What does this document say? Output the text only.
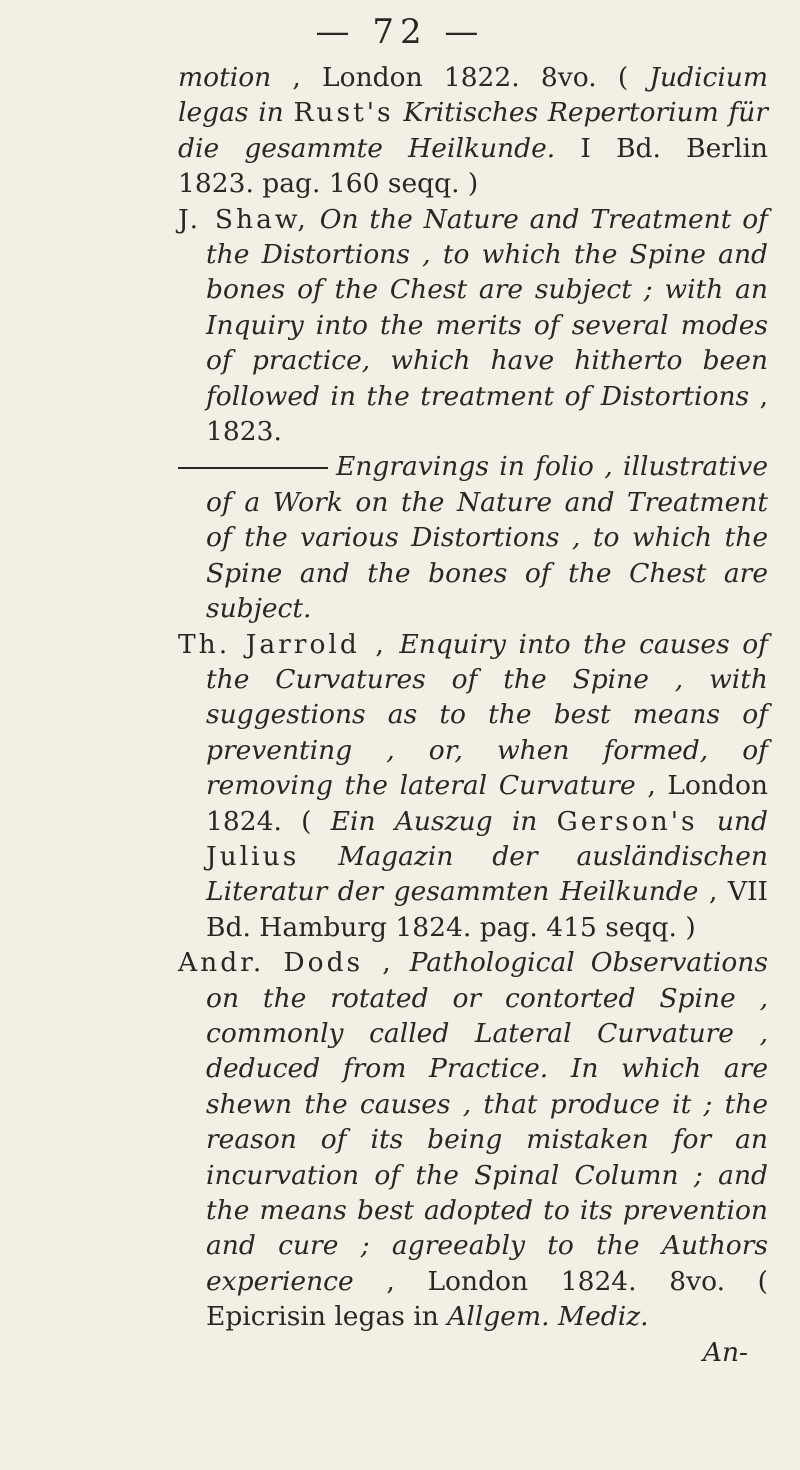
— 72 —

motion , London 1822. 8vo. ( Judicium legas in Rust's Kritisches Repertorium für die gesammte Heilkunde. I Bd. Berlin 1823. pag. 160 seqq. )

J. Shaw, On the Nature and Treatment of the Distortions , to which the Spine and bones of the Chest are subject ; with an Inquiry into the merits of several modes of practice, which have hitherto been followed in the treatment of Distortions , 1823.

Engravings in folio , illustrative of a Work on the Nature and Treatment of the various Distortions , to which the Spine and the bones of the Chest are subject.

Th. Jarrold , Enquiry into the causes of the Curvatures of the Spine , with suggestions as to the best means of preventing , or, when formed, of removing the lateral Curvature , London 1824. ( Ein Auszug in Gerson's und Julius Magazin der ausländischen Literatur der gesammten Heilkunde , VII Bd. Hamburg 1824. pag. 415 seqq. )

Andr. Dods , Pathological Observations on the rotated or contorted Spine , commonly called Lateral Curvature , deduced from Practice. In which are shewn the causes , that produce it ; the reason of its being mistaken for an incurvation of the Spinal Column ; and the means best adopted to its prevention and cure ; agreeably to the Authors experience , London 1824. 8vo. ( Epicrisin legas in Allgem. Mediz.

An-
